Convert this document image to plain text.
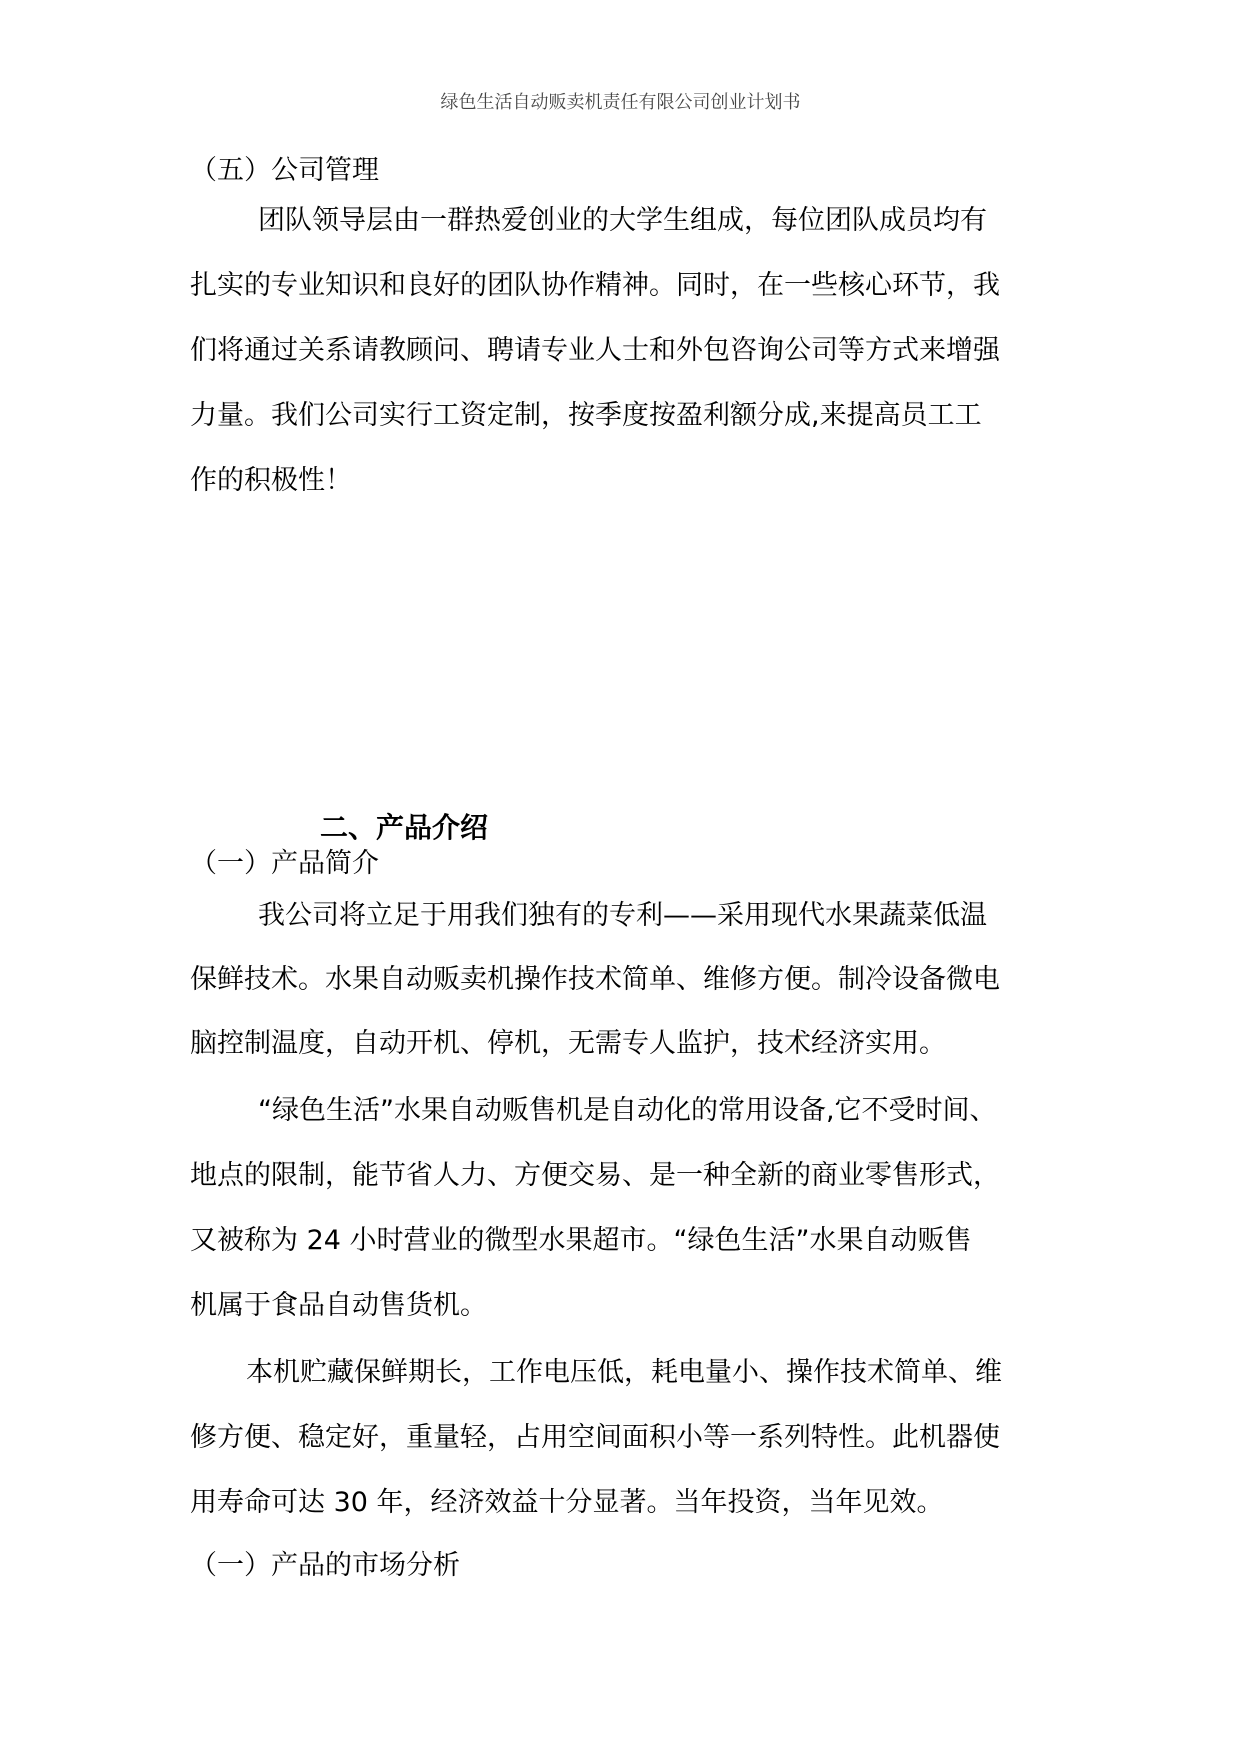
绿色生活自动贩卖机责任有限公司创业计划书
（五）公司管理
团队领导层由一群热爱创业的大学生组成，每位团队成员均有
扎实的专业知识和良好的团队协作精神。同时，在一些核心环节，我
们将通过关系请教顾问、聘请专业人士和外包咨询公司等方式来增强
力量。我们公司实行工资定制，按季度按盈利额分成,来提高员工工
作的积极性！
二、产品介绍
（一）产品简介
我公司将立足于用我们独有的专利——采用现代水果蔬菜低温
保鲜技术。水果自动贩卖机操作技术简单、维修方便。制冷设备微电
脑控制温度，自动开机、停机，无需专人监护，技术经济实用。
“绿色生活”水果自动贩售机是自动化的常用设备,它不受时间、
地点的限制，能节省人力、方便交易、是一种全新的商业零售形式，
又被称为 24 小时营业的微型水果超市。“绿色生活”水果自动贩售
机属于食品自动售货机。
本机贮藏保鲜期长，工作电压低，耗电量小、操作技术简单、维
修方便、稳定好，重量轻，占用空间面积小等一系列特性。此机器使
用寿命可达 30 年，经济效益十分显著。当年投资，当年见效。
（一）产品的市场分析
